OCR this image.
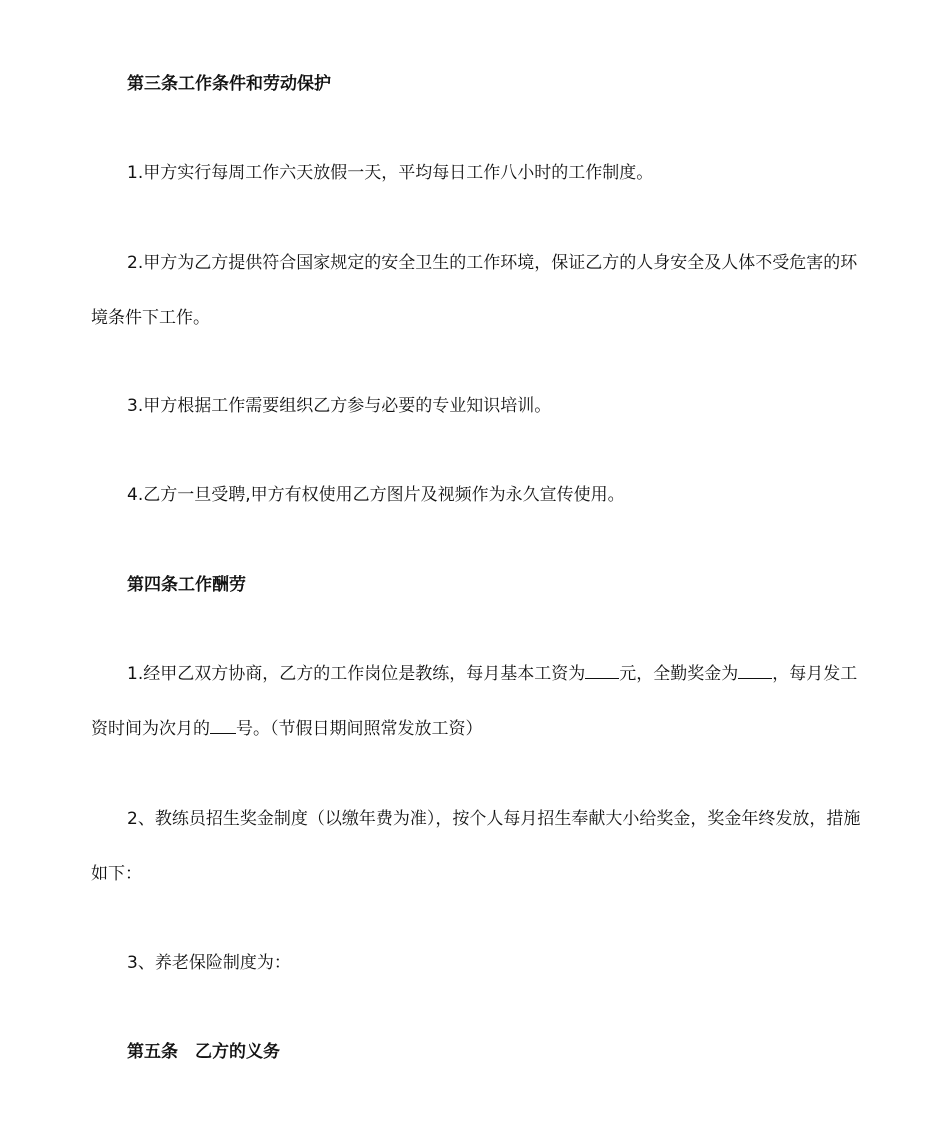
第三条工作条件和劳动保护

1.甲方实行每周工作六天放假一天，平均每日工作八小时的工作制度。

2.甲方为乙方提供符合国家规定的安全卫生的工作环境，保证乙方的人身安全及人体不受危害的环境条件下工作。

3.甲方根据工作需要组织乙方参与必要的专业知识培训。

4.乙方一旦受聘,甲方有权使用乙方图片及视频作为永久宣传使用。

第四条工作酬劳

1.经甲乙双方协商，乙方的工作岗位是教练，每月基本工资为 元，全勤奖金为 ，每月发工资时间为次月的 号。（节假日期间照常发放工资）

2、教练员招生奖金制度（以缴年费为准），按个人每月招生奉献大小给奖金，奖金年终发放，措施如下：

3、养老保险制度为：

第五条　乙方的义务
